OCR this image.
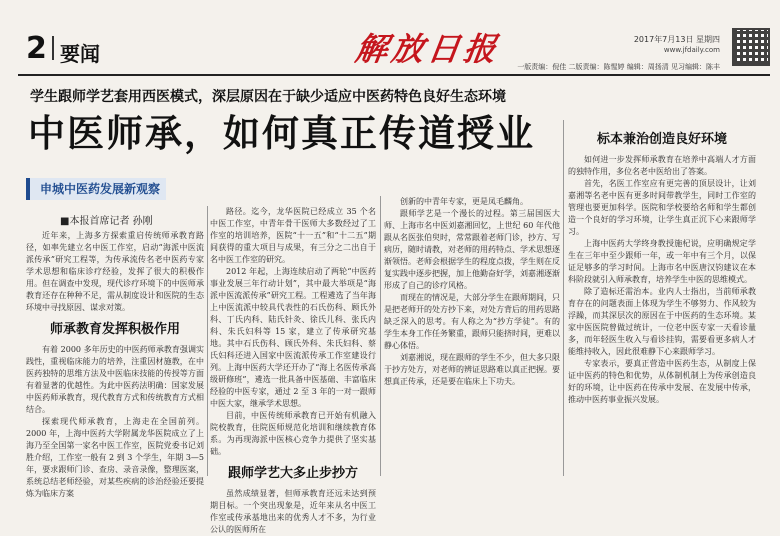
2 要闻	解放日报	2017年7月13日 星期四
www.jfdaily.com
一版责编：倪佳 二版责编：陈惺婷 编辑：周扬清 见习编辑：陈丰
学生跟师学艺套用西医模式，深层原因在于缺少适应中医药特色良好生态环境
中医师承，如何真正传道授业
申城中医药发展新观察
■本报首席记者 孙刚

近年来，上海多方探索重启传统师承教育路径，如率先建立名中医工作室，启动“海派中医流派传承”研究工程等，为传承流传名老中医药专家学术思想和临床诊疗经验，发挥了很大的积极作用。但在调查中发现，现代诊疗环境下的中医师承教育还存在种种不足，需从制度设计和医院的生态环境中寻找原因、谋求对策。

师承教育发挥积极作用

有着 2000 多年历史的中医药师承教育强调实践性，重视临床能力的培养，注重因材施教，在中医药独特的思维方法及中医临床技能的传授等方面有着显著的优越性。为此中医药法明确：国家发展中医药师承教育，现代教育方式和传统教育方式相结合。

探索现代师承教育，上海走在全国前列。2000 年，上海中医药大学附属龙华医院成立了上海乃至全国第一家名中医工作室，医院党委书记刘胜介绍，工作室一般有 2 到 3 个学生，年期 3—5 年，要求跟师门诊、查房、录音录像，整理医案，系统总结老师经验，对某些疾病的诊治经验还要提炼为临床方案

路径。迄今，龙华医院已经成立 35 个名中医工作室，中青年骨干医师大多数经过了工作室的培训培养，医院“十一五”和“十二五”期间获得的重大项目与成果，有三分之二出自于名中医工作室的研究。

2012 年起，上海连续启动了两轮“中医药事业发展三年行动计划”，其中最大举项是“海派中医流派传承”研究工程。工程遴选了当年海上中医流派中较具代表性的石氏伤科、顾氏外科、丁氏内科、陆氏针灸、徐氏儿科、张氏内科、朱氏妇科等 15 家，建立了传承研究基地。其中石氏伤科、顾氏外科、朱氏妇科、蔡氏妇科还进入国家中医流派传承工作室建设行列。上海中医药大学还开办了“海上名医传承高级研修班”，遴选一批具备中医基础、丰富临床经验的中医专家，通过 2 至 3 年的一对一跟师中医大家，继承学术思想。

目前，中医传统师承教育已开始有机融入院校教育，住院医师规范化培训和继续教育体系。为再现海派中医核心竞争力提供了坚实基础。

跟师学艺大多止步抄方

虽然成绩显著，但师承教育还远未达到预期目标。一个突出现象是，近年来从名中医工作室或传承基地出来的优秀人才不多，为行业公认的医师所在

创新的中青年专家，更是凤毛麟角。

跟师学艺是一个漫长的过程。第三届国医大师、上海市名中医刘嘉湘回忆，上世纪 60 年代他跟从名医张伯臾时，常常跟着老师门诊，抄方、写病历，随时请教，对老师的用药特点、学术思想逐渐领悟。老师会根据学生的程度点拨，学生则在反复实践中逐步把握，加上他勤奋好学，刘嘉湘逐渐形成了自己的诊疗风格。

而现在的情况是，大部分学生在跟师期间，只是把老师开的处方抄下来，对处方背后的用药思路缺乏深入的思考。有人称之为“抄方学徒”。有的学生本身工作任务繁重，跟师只能挤时间，更难以静心体悟。

刘嘉湘说，现在跟师的学生不少，但大多只限于抄方处方，对老师的辨证思路难以真正把握。要想真正传承，还是要在临床上下功夫。

标本兼治创造良好环境

如何进一步发挥师承教育在培养中高端人才方面的独特作用，多位名老中医给出了答案。

首先，名医工作室应有更完善的顶层设计，让刘嘉湘等名老中医有更多时间带教学生，同时工作室的管理也要更加科学。医院和学校要给名师和学生都创造一个良好的学习环境，让学生真正沉下心来跟师学习。

上海中医药大学终身教授施杞说，应明确规定学生在三年中至少跟师一年，或一年中有三个月，以保证足够多的学习时间。上海市名中医唐汉钧建议在本科阶段就引入师承教育，培养学生中医的思维模式。

除了造标还需治本。业内人士指出，当前师承教育存在的问题表面上体现为学生不够努力、作风较为浮躁，而其深层次的原因在于中医药的生态环境。某家中医医院曾做过统计，一位老中医专家一天看诊量多，而年轻医生收入与看诊挂钩，需要看更多病人才能维持收入，因此很难静下心来跟师学习。

专家表示，要真正营造中医药生态，从制度上保证中医药的特色和优势，从体制机制上为传承创造良好的环境，让中医药在传承中发展、在发展中传承，推动中医药事业振兴发展。
